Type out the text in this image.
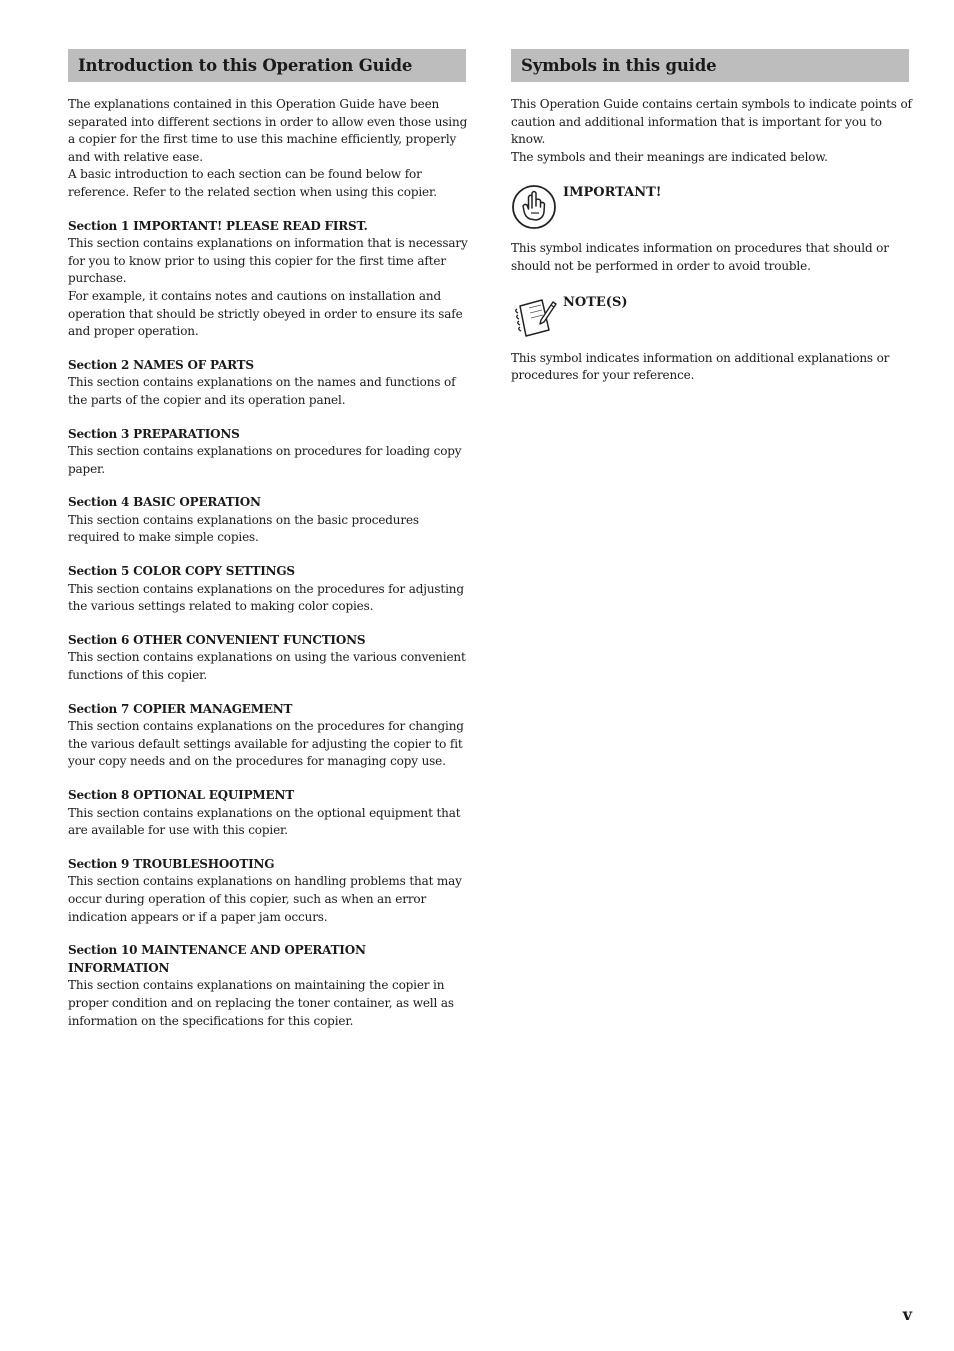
Introduction to this Operation Guide

The explanations contained in this Operation Guide have been
separated into different sections in order to allow even those using
a copier for the first time to use this machine efficiently, properly
and with relative ease.
A basic introduction to each section can be found below for
reference. Refer to the related section when using this copier.

Section 1 IMPORTANT! PLEASE READ FIRST.
This section contains explanations on information that is necessary
for you to know prior to using this copier for the first time after
purchase.
For example, it contains notes and cautions on installation and
operation that should be strictly obeyed in order to ensure its safe
and proper operation.
Section 2 NAMES OF PARTS
This section contains explanations on the names and functions of
the parts of the copier and its operation panel.
Section 3 PREPARATIONS
This section contains explanations on procedures for loading copy
paper.
Section 4 BASIC OPERATION
This section contains explanations on the basic procedures
required to make simple copies.
Section 5 COLOR COPY SETTINGS
This section contains explanations on the procedures for adjusting
the various settings related to making color copies.
Section 6 OTHER CONVENIENT FUNCTIONS
This section contains explanations on using the various convenient
functions of this copier.
Section 7 COPIER MANAGEMENT
This section contains explanations on the procedures for changing
the various default settings available for adjusting the copier to fit
your copy needs and on the procedures for managing copy use.
Section 8 OPTIONAL EQUIPMENT
This section contains explanations on the optional equipment that
are available for use with this copier.
Section 9 TROUBLESHOOTING
This section contains explanations on handling problems that may
occur during operation of this copier, such as when an error
indication appears or if a paper jam occurs.
Section 10 MAINTENANCE AND OPERATION
INFORMATION
This section contains explanations on maintaining the copier in
proper condition and on replacing the toner container, as well as
information on the specifications for this copier.
Symbols in this guide

This Operation Guide contains certain symbols to indicate points of
caution and additional information that is important for you to
know.
The symbols and their meanings are indicated below.

IMPORTANT!

This symbol indicates information on procedures that should or
should not be performed in order to avoid trouble.

NOTE(S)

This symbol indicates information on additional explanations or
procedures for your reference.

v
